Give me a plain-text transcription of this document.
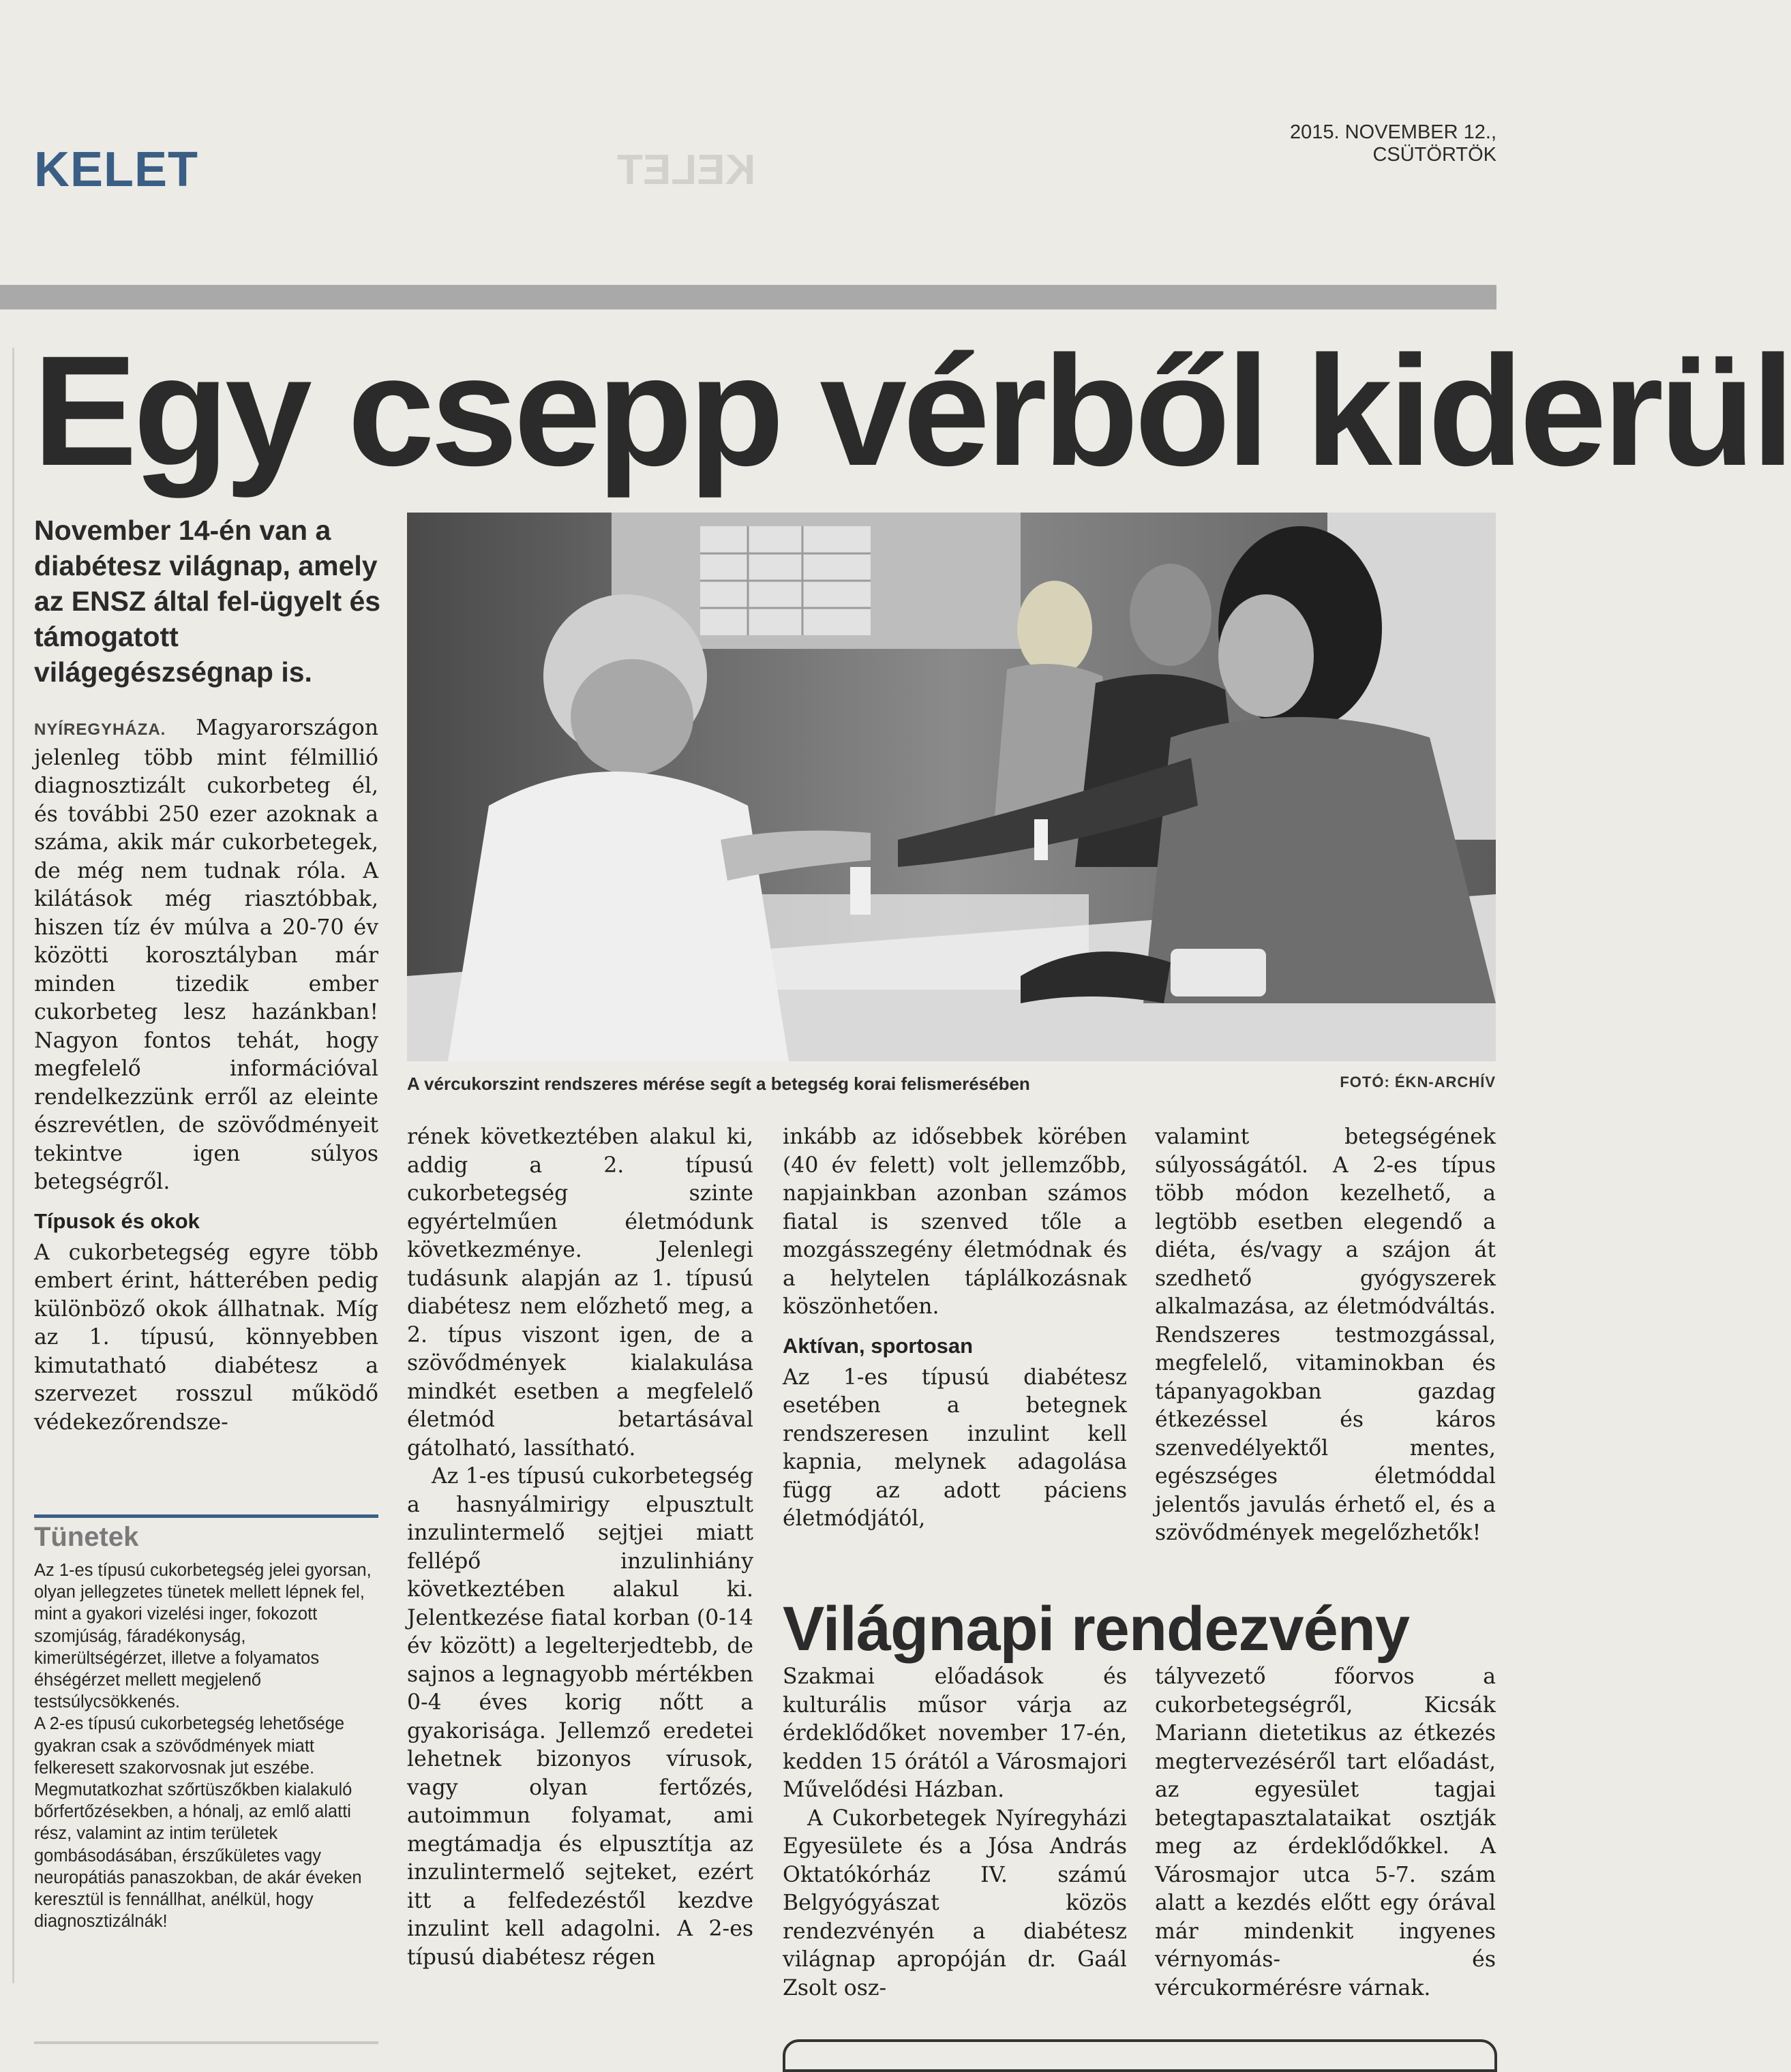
2015. NOVEMBER 12., CSÜTÖRTÖK
KELET	KELET
Egy csepp vérből kiderül

November 14-én van a diabétesz világnap, amely az ENSZ által fel-ügyelt és támogatott világegészségnap is.

NYÍREGYHÁZA. Magyarországon jelenleg több mint félmillió diagnosztizált cukorbeteg él, és további 250 ezer azoknak a száma, akik már cukorbetegek, de még nem tudnak róla. A kilátások még riasztóbbak, hiszen tíz év múlva a 20-70 év közötti korosztályban már minden tizedik ember cukorbeteg lesz hazánkban! Nagyon fontos tehát, hogy megfelelő információval rendelkezzünk erről az eleinte észrevétlen, de szövődményeit tekintve igen súlyos betegségről.

Típusok és okok

A cukorbetegség egyre több embert érint, hátterében pedig különböző okok állhatnak. Míg az 1. típusú, könnyebben kimutatható diabétesz a szervezet rosszul működő védekezőrendsze-

Tünetek

Az 1-es típusú cukorbetegség jelei gyorsan, olyan jellegzetes tünetek mellett lépnek fel, mint a gyakori vizelési inger, fokozott szomjúság, fáradékonyság, kimerültségérzet, illetve a folyamatos éhségérzet mellett megjelenő testsúlycsökkenés.
A 2-es típusú cukorbetegség lehetősége gyakran csak a szövődmények miatt felkeresett szakorvosnak jut eszébe. Megmutatkozhat szőrtüszőkben kialakuló bőrfertőzésekben, a hónalj, az emlő alatti rész, valamint az intim területek gombásodásában, érszűkületes vagy neuropátiás panaszokban, de akár éveken keresztül is fennállhat, anélkül, hogy diagnosztizálnák!

A vércukorszint rendszeres mérése segít a betegség korai felismerésében	FOTÓ: ÉKN-ARCHÍV

rének következtében alakul ki, addig a 2. típusú cukorbetegség szinte egyértelműen életmódunk következménye. Jelenlegi tudásunk alapján az 1. típusú diabétesz nem előzhető meg, a 2. típus viszont igen, de a szövődmények kialakulása mindkét esetben a megfelelő életmód betartásával gátolható, lassítható.

Az 1-es típusú cukorbetegség a hasnyálmirigy elpusztult inzulintermelő sejtjei miatt fellépő inzulinhiány következtében alakul ki. Jelentkezése fiatal korban (0-14 év között) a legelterjedtebb, de sajnos a legnagyobb mértékben 0-4 éves korig nőtt a gyakorisága. Jellemző eredetei lehetnek bizonyos vírusok, vagy olyan fertőzés, autoimmun folyamat, ami megtámadja és elpusztítja az inzulintermelő sejteket, ezért itt a felfedezéstől kezdve inzulint kell adagolni. A 2-es típusú diabétesz régen

inkább az idősebbek körében (40 év felett) volt jellemzőbb, napjainkban azonban számos fiatal is szenved tőle a mozgásszegény életmódnak és a helytelen táplálkozásnak köszönhetően.

Aktívan, sportosan

Az 1-es típusú diabétesz esetében a betegnek rendszeresen inzulint kell kapnia, melynek adagolása függ az adott páciens életmódjától,

valamint betegségének súlyosságától. A 2-es típus több módon kezelhető, a legtöbb esetben elegendő a diéta, és/vagy a szájon át szedhető gyógyszerek alkalmazása, az életmódváltás. Rendszeres testmozgással, megfelelő, vitaminokban és tápanyagokban gazdag étkezéssel és káros szenvedélyektől mentes, egészséges életmóddal jelentős javulás érhető el, és a szövődmények megelőzhetők!

Világnapi rendezvény

Szakmai előadások és kulturális műsor várja az érdeklődőket november 17-én, kedden 15 órától a Városmajori Művelődési Házban.

A Cukorbetegek Nyíregyházi Egyesülete és a Jósa András Oktatókórház IV. számú Belgyógyászat közös rendezvényén a diabétesz világnap apropóján dr. Gaál Zsolt osz-

tályvezető főorvos a cukorbetegségről, Kicsák Mariann dietetikus az étkezés megtervezéséről tart előadást, az egyesület tagjai betegtapasztalataikat osztják meg az érdeklődőkkel. A Városmajor utca 5-7. szám alatt a kezdés előtt egy órával már mindenkit ingyenes vérnyomás- és vércukormérésre várnak.
